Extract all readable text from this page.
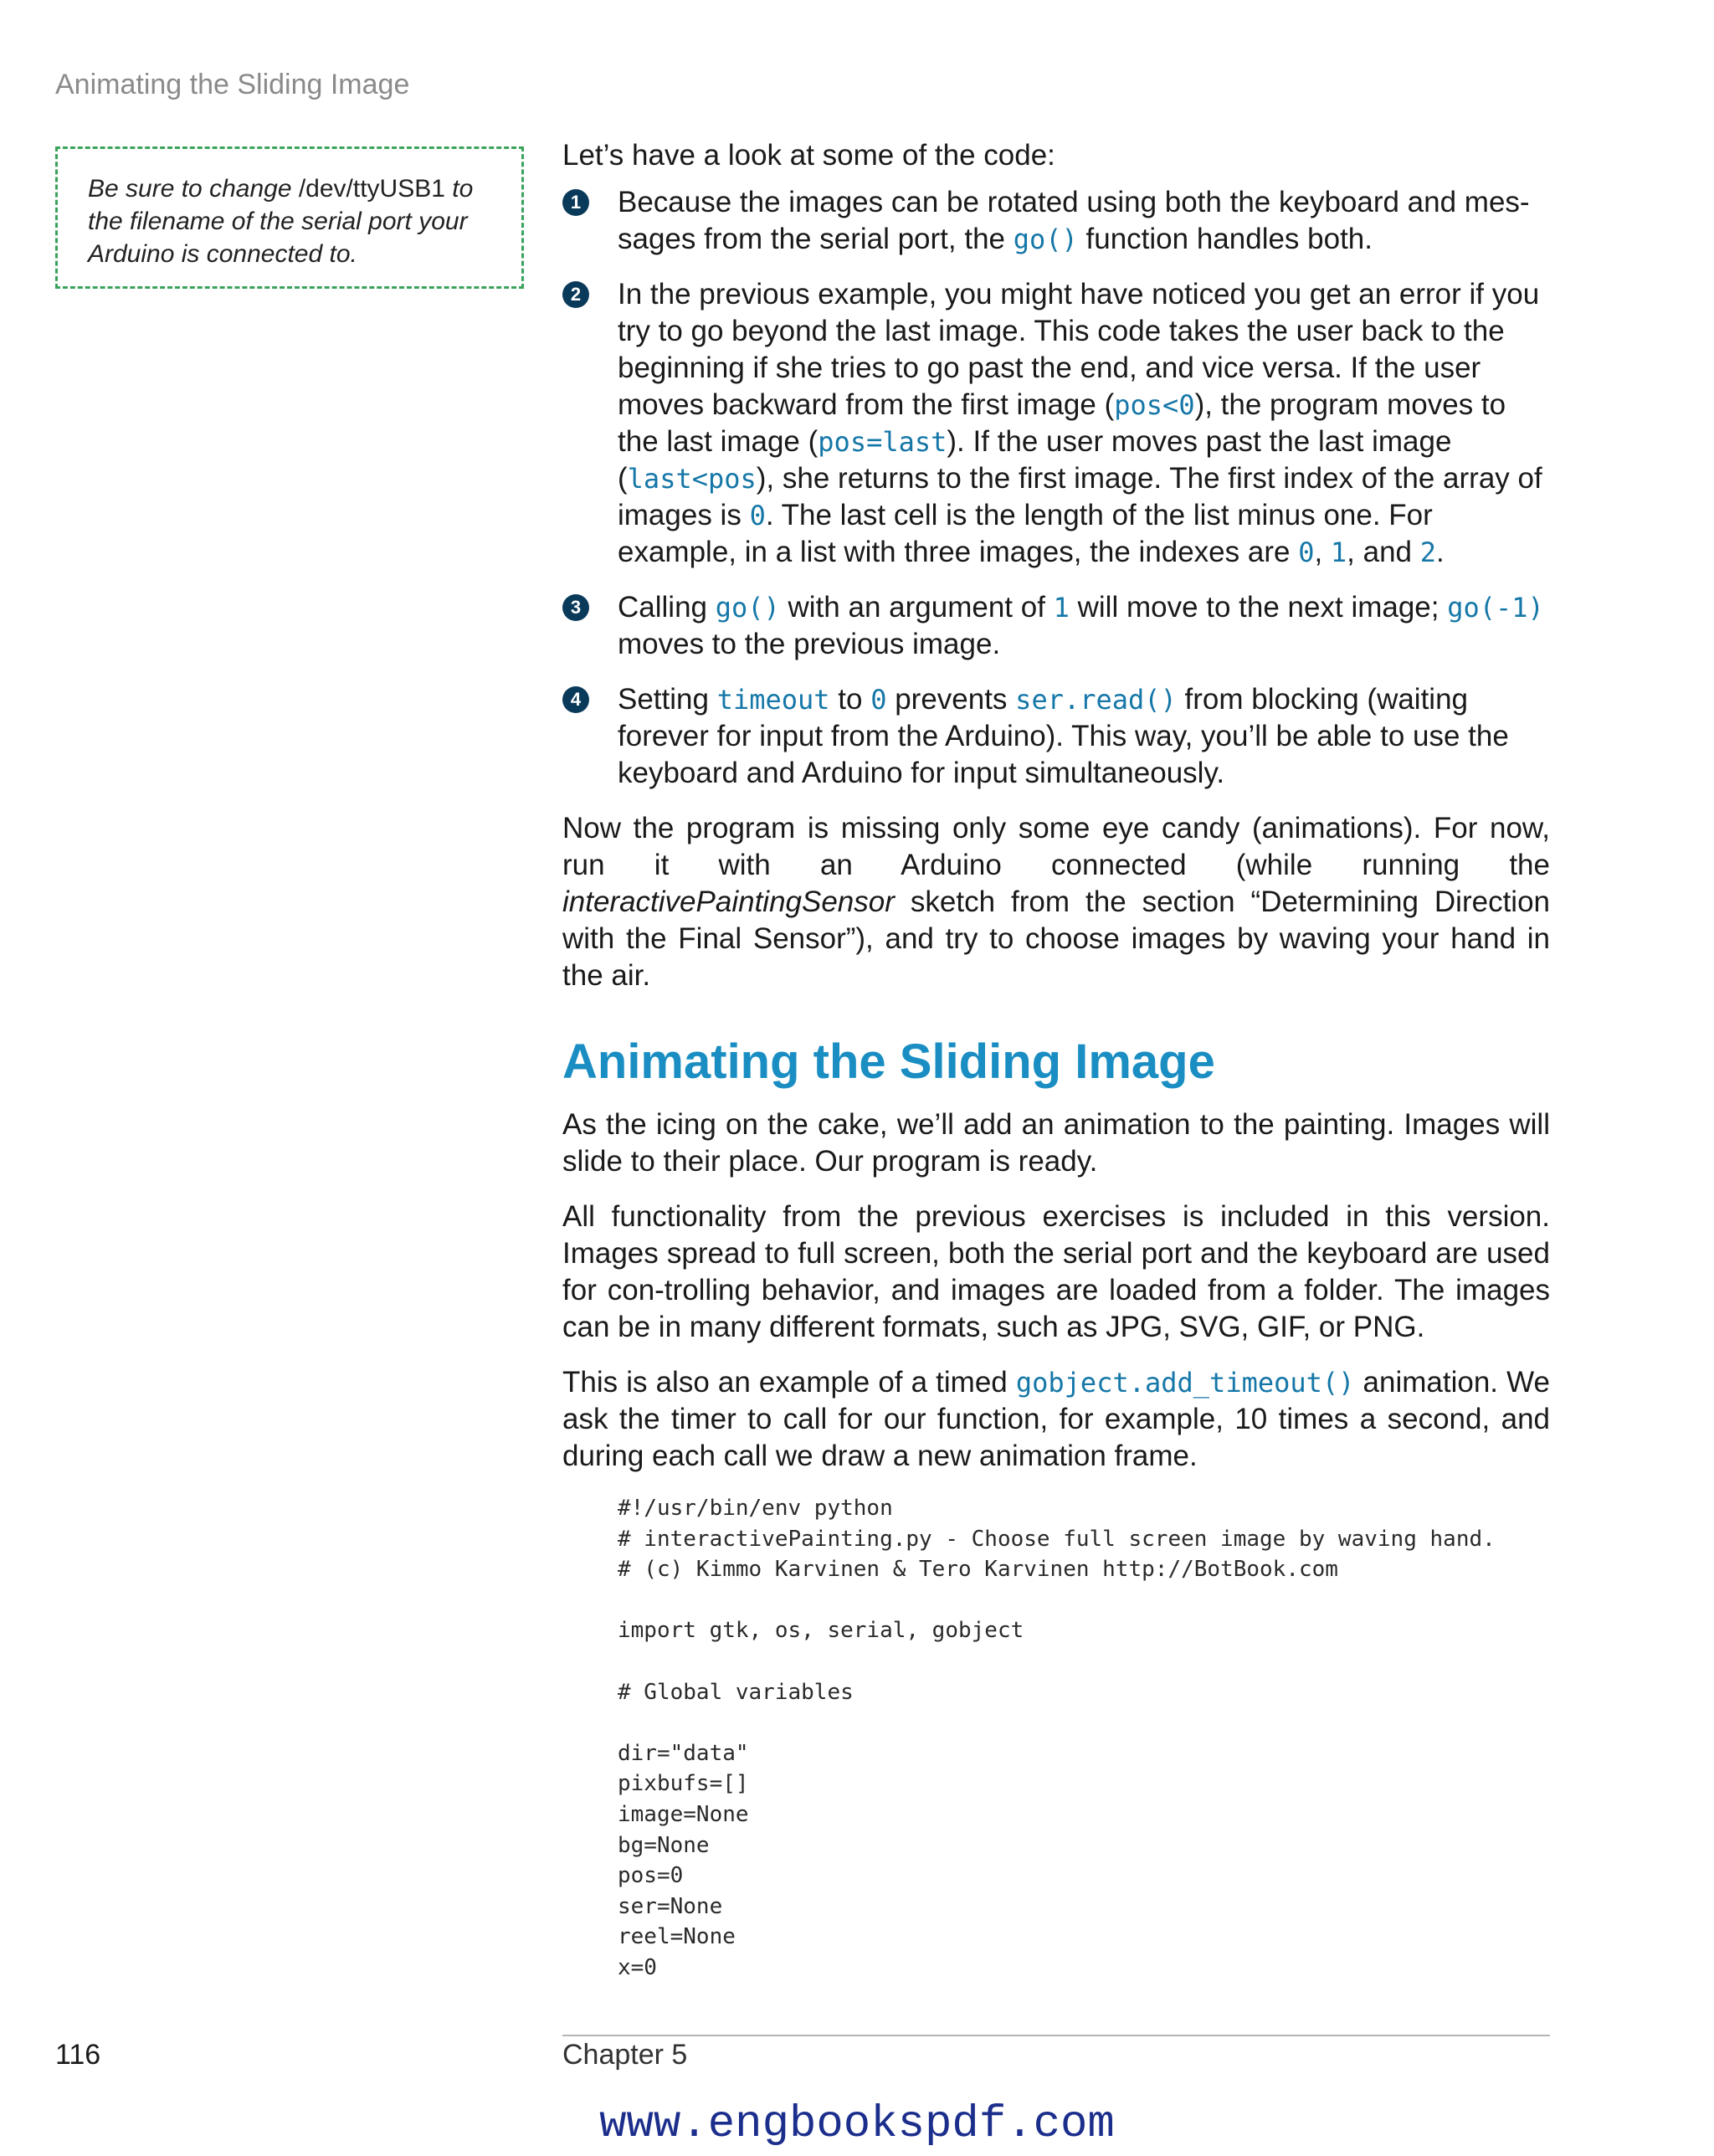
Animating the Sliding Image
Be sure to change /dev/ttyUSB1 to the filename of the serial port your Arduino is connected to.

Let’s have a look at some of the code:

1 Because the images can be rotated using both the keyboard and mes-sages from the serial port, the go() function handles both.
2 In the previous example, you might have noticed you get an error if you try to go beyond the last image. This code takes the user back to the beginning if she tries to go past the end, and vice versa. If the user moves backward from the first image (pos<0), the program moves to the last image (pos=last). If the user moves past the last image (last<pos), she returns to the first image. The first index of the array of images is 0. The last cell is the length of the list minus one. For example, in a list with three images, the indexes are 0, 1, and 2.
3 Calling go() with an argument of 1 will move to the next image; go(-1) moves to the previous image.
4 Setting timeout to 0 prevents ser.read() from blocking (waiting forever for input from the Arduino). This way, you’ll be able to use the keyboard and Arduino for input simultaneously.

Now the program is missing only some eye candy (animations). For now, run it with an Arduino connected (while running the interactivePaintingSensor sketch from the section “Determining Direction with the Final Sensor”), and try to choose images by waving your hand in the air.

Animating the Sliding Image

As the icing on the cake, we’ll add an animation to the painting. Images will slide to their place. Our program is ready.

All functionality from the previous exercises is included in this version. Images spread to full screen, both the serial port and the keyboard are used for con-trolling behavior, and images are loaded from a folder. The images can be in many different formats, such as JPG, SVG, GIF, or PNG.

This is also an example of a timed gobject.add_timeout() animation. We ask the timer to call for our function, for example, 10 times a second, and during each call we draw a new animation frame.

#!/usr/bin/env python
# interactivePainting.py - Choose full screen image by waving hand.
# (c) Kimmo Karvinen & Tero Karvinen http://BotBook.com

import gtk, os, serial, gobject

# Global variables

dir="data"
pixbufs=[]
image=None
bg=None
pos=0
ser=None
reel=None
x=0
116	Chapter 5
www.engbookspdf.com
